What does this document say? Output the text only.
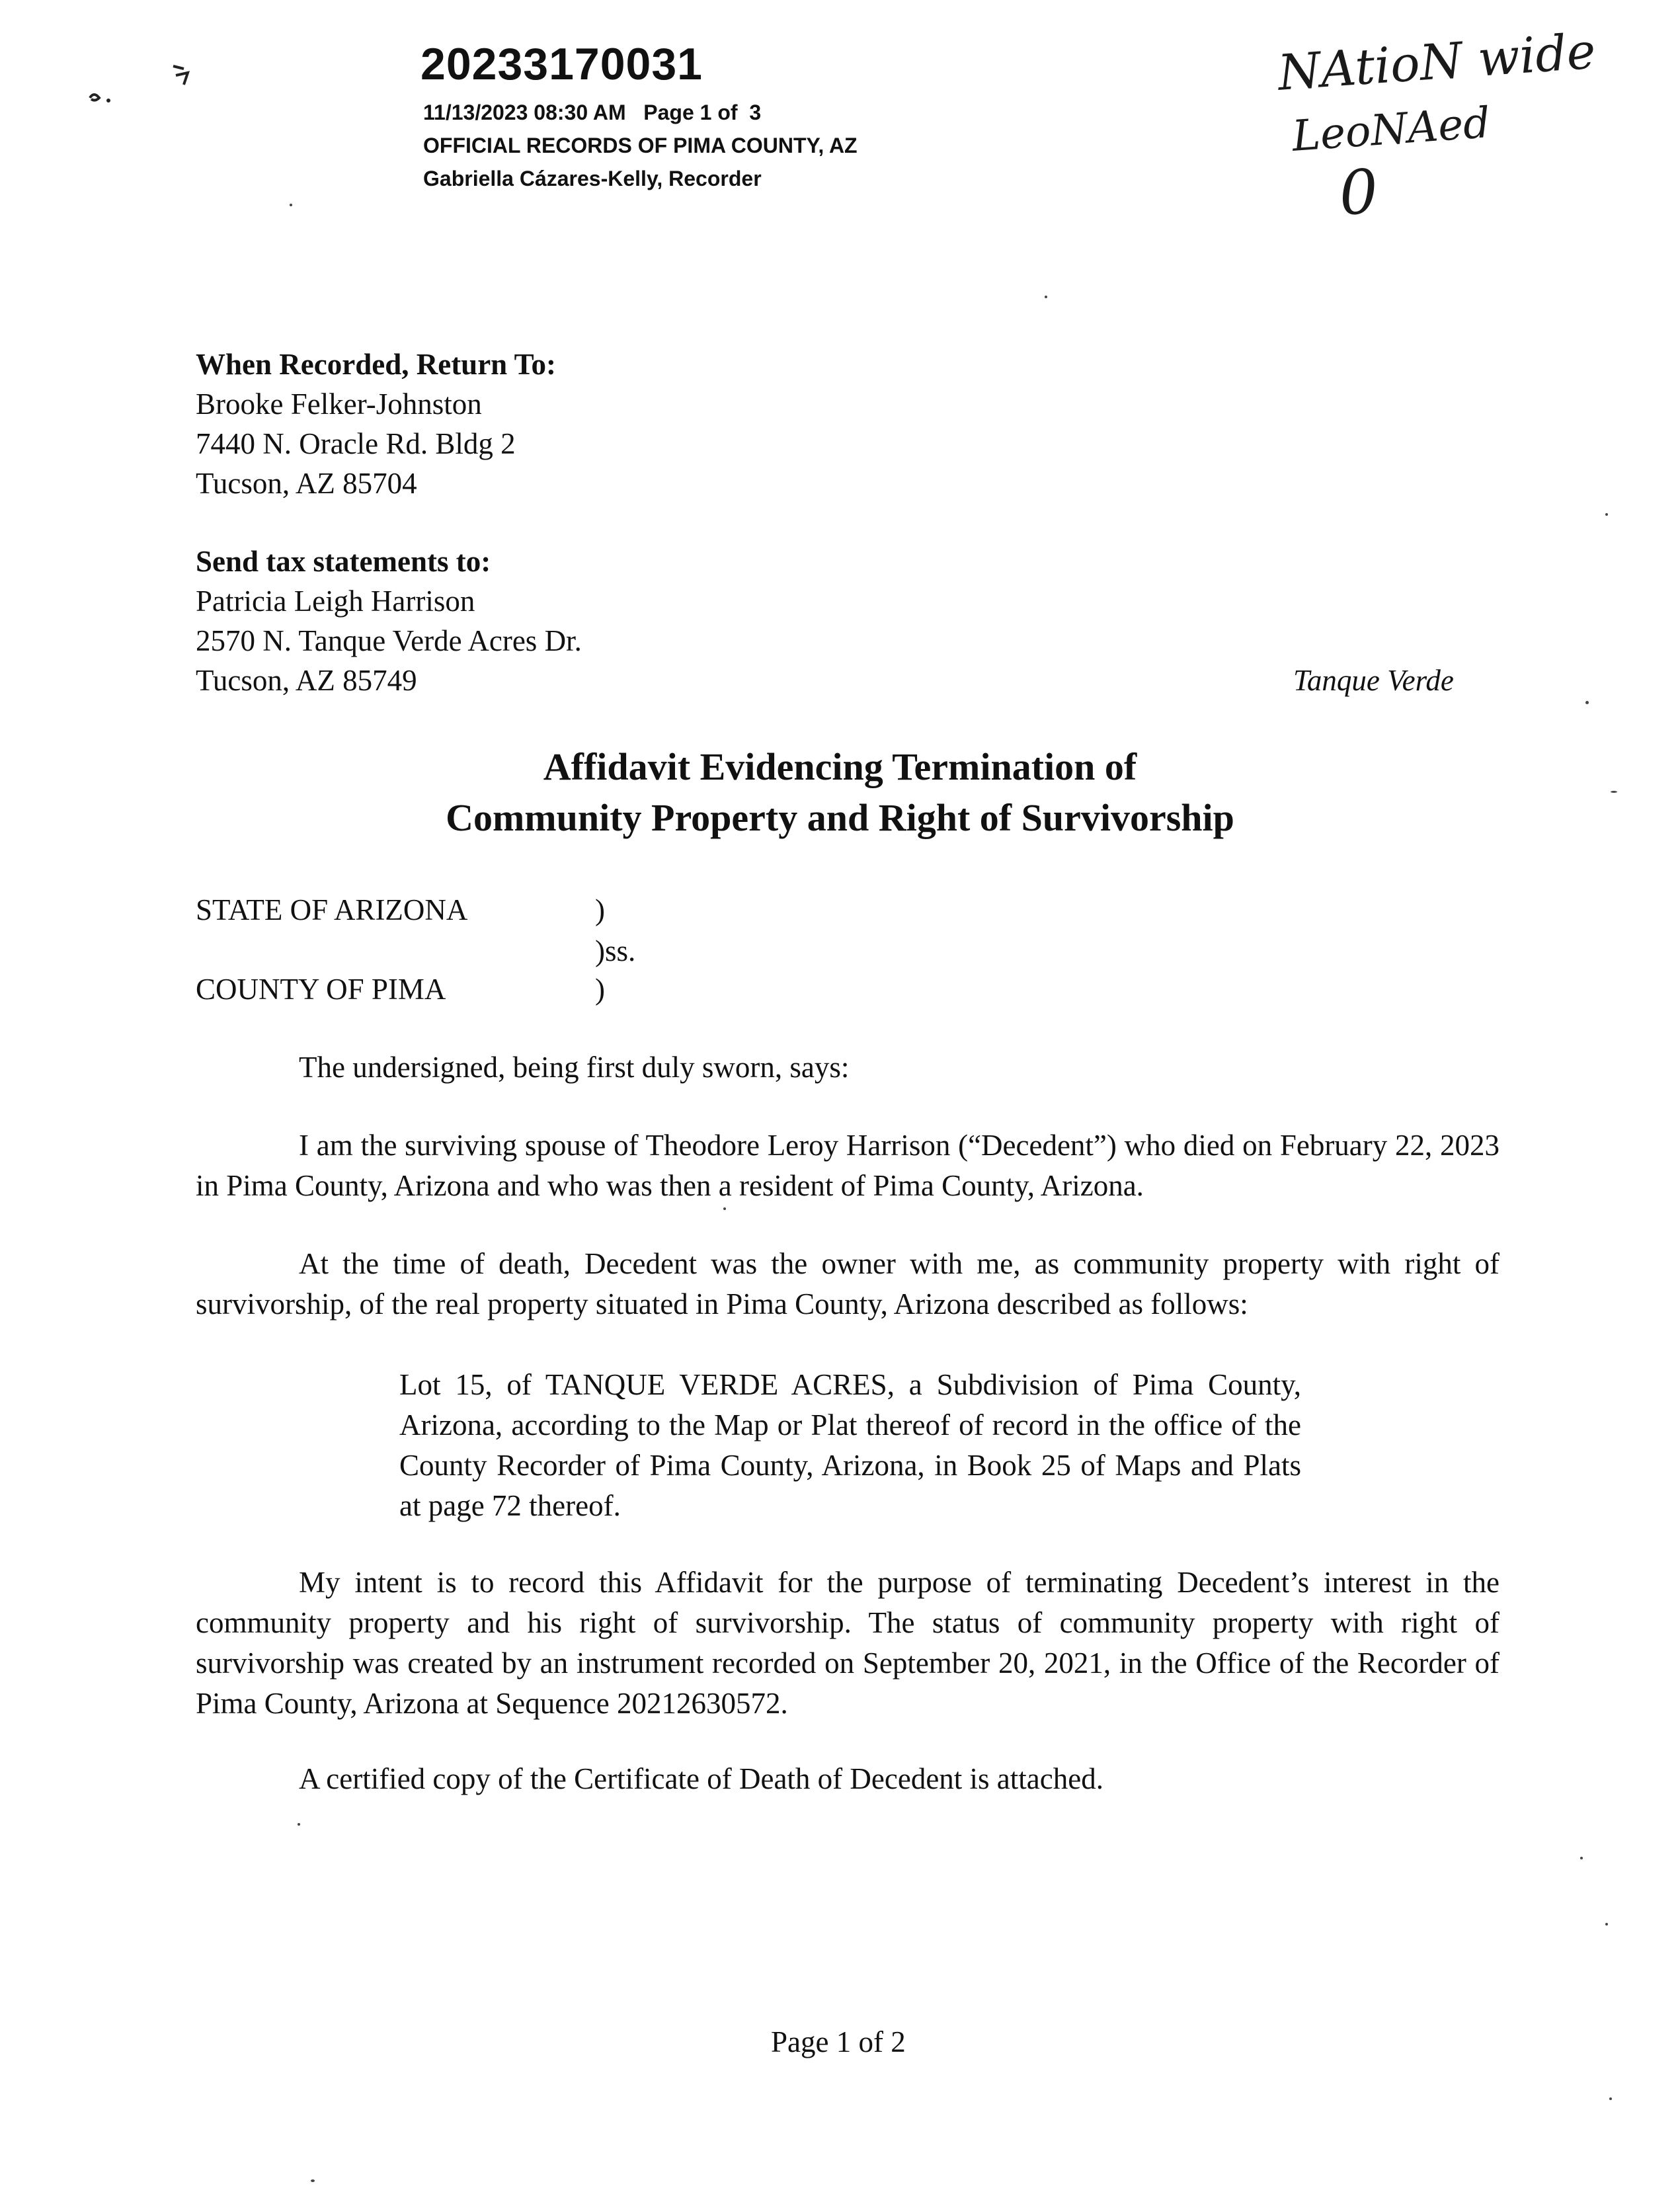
20233170031
11/13/2023 08:30 AM   Page 1 of  3
OFFICIAL RECORDS OF PIMA COUNTY, AZ
Gabriella Cázares-Kelly, Recorder
NAtioN wide
LeoNAed
0
When Recorded, Return To:
Brooke Felker-Johnston
7440 N. Oracle Rd. Bldg 2
Tucson, AZ 85704
Send tax statements to:
Patricia Leigh Harrison
2570 N. Tanque Verde Acres Dr.
Tucson, AZ 85749	Tanque Verde
Affidavit Evidencing Termination of
Community Property and Right of Survivorship
STATE OF ARIZONA	)
)ss.
COUNTY OF PIMA	)
The undersigned, being first duly sworn, says:
I am the surviving spouse of Theodore Leroy Harrison (“Decedent”) who died on February 22, 2023 in Pima County, Arizona and who was then a resident of Pima County, Arizona.
At the time of death, Decedent was the owner with me, as community property with right of survivorship, of the real property situated in Pima County, Arizona described as follows:
Lot 15, of TANQUE VERDE ACRES, a Subdivision of Pima County, Arizona, according to the Map or Plat thereof of record in the office of the County Recorder of Pima County, Arizona, in Book 25 of Maps and Plats at page 72 thereof.
My intent is to record this Affidavit for the purpose of terminating Decedent’s interest in the community property and his right of survivorship. The status of community property with right of survivorship was created by an instrument recorded on September 20, 2021, in the Office of the Recorder of Pima County, Arizona at Sequence 20212630572.
A certified copy of the Certificate of Death of Decedent is attached.
Page 1 of 2
